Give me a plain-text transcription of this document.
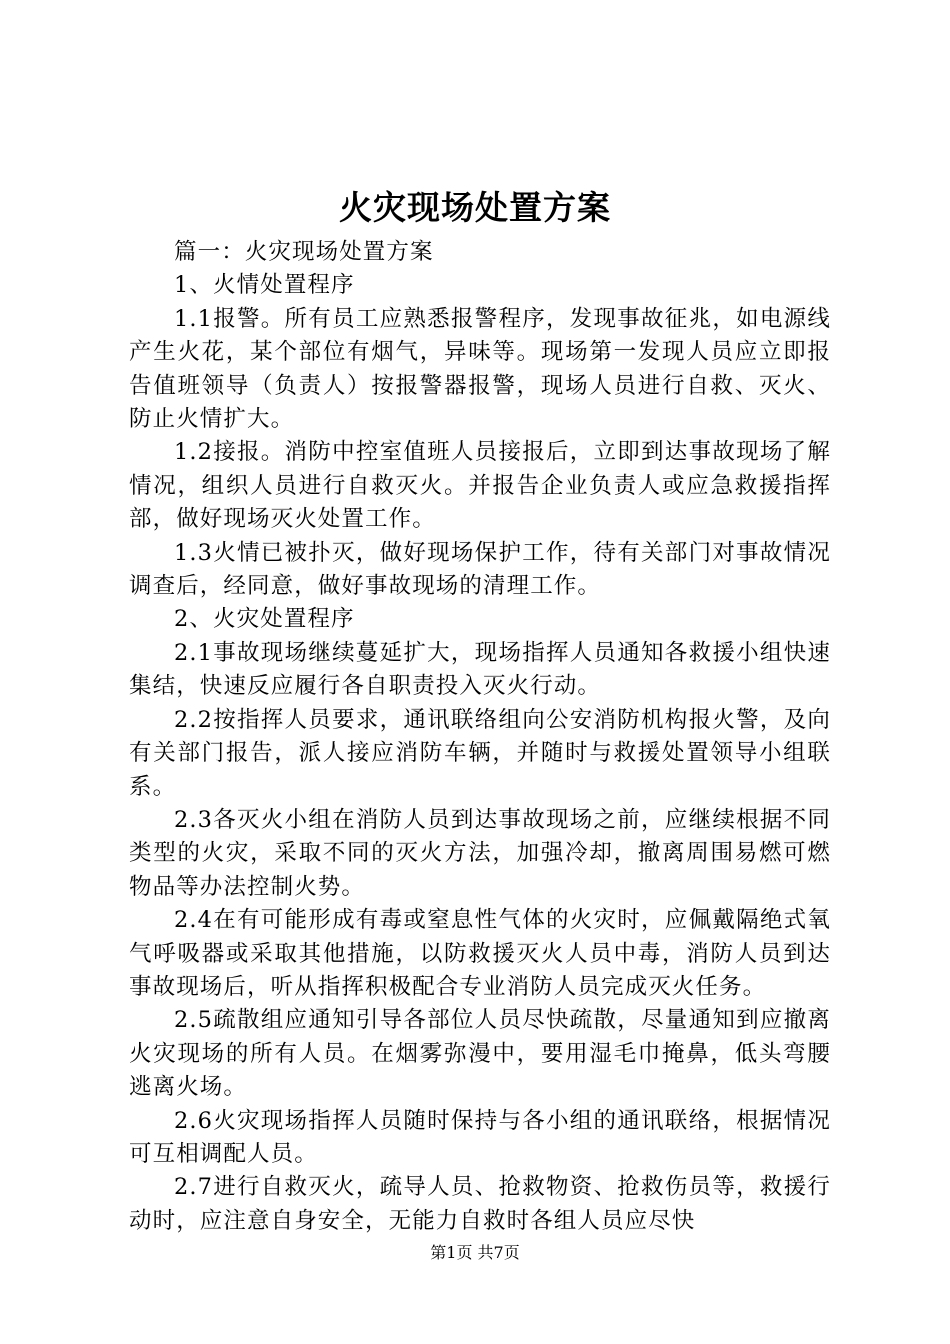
火灾现场处置方案

篇一：火灾现场处置方案

1、火情处置程序

1.1报警。所有员工应熟悉报警程序，发现事故征兆，如电源线产生火花，某个部位有烟气，异味等。现场第一发现人员应立即报告值班领导（负责人）按报警器报警，现场人员进行自救、灭火、防止火情扩大。

1.2接报。消防中控室值班人员接报后，立即到达事故现场了解情况，组织人员进行自救灭火。并报告企业负责人或应急救援指挥部，做好现场灭火处置工作。

1.3火情已被扑灭，做好现场保护工作，待有关部门对事故情况调查后，经同意，做好事故现场的清理工作。

2、火灾处置程序

2.1事故现场继续蔓延扩大，现场指挥人员通知各救援小组快速集结，快速反应履行各自职责投入灭火行动。

2.2按指挥人员要求，通讯联络组向公安消防机构报火警，及向有关部门报告，派人接应消防车辆，并随时与救援处置领导小组联系。

2.3各灭火小组在消防人员到达事故现场之前，应继续根据不同类型的火灾，采取不同的灭火方法，加强冷却，撤离周围易燃可燃物品等办法控制火势。

2.4在有可能形成有毒或窒息性气体的火灾时，应佩戴隔绝式氧气呼吸器或采取其他措施，以防救援灭火人员中毒，消防人员到达事故现场后，听从指挥积极配合专业消防人员完成灭火任务。

2.5疏散组应通知引导各部位人员尽快疏散，尽量通知到应撤离火灾现场的所有人员。在烟雾弥漫中，要用湿毛巾掩鼻，低头弯腰逃离火场。

2.6火灾现场指挥人员随时保持与各小组的通讯联络，根据情况可互相调配人员。

2.7进行自救灭火，疏导人员、抢救物资、抢救伤员等，救援行动时，应注意自身安全，无能力自救时各组人员应尽快

第1页 共7页
